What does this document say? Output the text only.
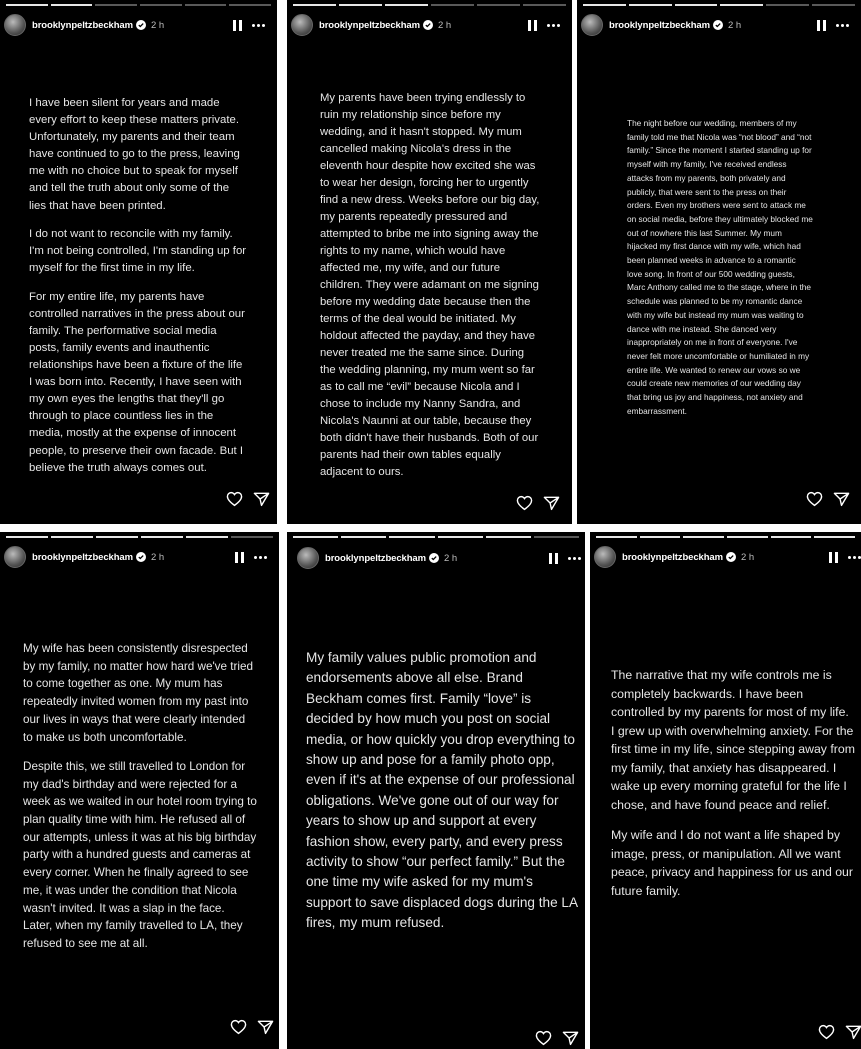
brooklynpeltzbeckham 2 h

I have been silent for years and made every effort to keep these matters private. Unfortunately, my parents and their team have continued to go to the press, leaving me with no choice but to speak for myself and tell the truth about only some of the lies that have been printed.

I do not want to reconcile with my family. I'm not being controlled, I'm standing up for myself for the first time in my life.

For my entire life, my parents have controlled narratives in the press about our family. The performative social media posts, family events and inauthentic relationships have been a fixture of the life I was born into. Recently, I have seen with my own eyes the lengths that they'll go through to place countless lies in the media, mostly at the expense of innocent people, to preserve their own facade. But I believe the truth always comes out.

brooklynpeltzbeckham 2 h

My parents have been trying endlessly to ruin my relationship since before my wedding, and it hasn't stopped. My mum cancelled making Nicola's dress in the eleventh hour despite how excited she was to wear her design, forcing her to urgently find a new dress. Weeks before our big day, my parents repeatedly pressured and attempted to bribe me into signing away the rights to my name, which would have affected me, my wife, and our future children. They were adamant on me signing before my wedding date because then the terms of the deal would be initiated. My holdout affected the payday, and they have never treated me the same since. During the wedding planning, my mum went so far as to call me “evil” because Nicola and I chose to include my Nanny Sandra, and Nicola's Naunni at our table, because they both didn't have their husbands. Both of our parents had their own tables equally adjacent to ours.

brooklynpeltzbeckham 2 h

The night before our wedding, members of my family told me that Nicola was “not blood” and “not family.” Since the moment I started standing up for myself with my family, I've received endless attacks from my parents, both privately and publicly, that were sent to the press on their orders. Even my brothers were sent to attack me on social media, before they ultimately blocked me out of nowhere this last Summer. My mum hijacked my first dance with my wife, which had been planned weeks in advance to a romantic love song. In front of our 500 wedding guests, Marc Anthony called me to the stage, where in the schedule was planned to be my romantic dance with my wife but instead my mum was waiting to dance with me instead. She danced very inappropriately on me in front of everyone. I've never felt more uncomfortable or humiliated in my entire life. We wanted to renew our vows so we could create new memories of our wedding day that bring us joy and happiness, not anxiety and embarrassment.

brooklynpeltzbeckham 2 h

My wife has been consistently disrespected by my family, no matter how hard we've tried to come together as one. My mum has repeatedly invited women from my past into our lives in ways that were clearly intended to make us both uncomfortable.

Despite this, we still travelled to London for my dad's birthday and were rejected for a week as we waited in our hotel room trying to plan quality time with him. He refused all of our attempts, unless it was at his big birthday party with a hundred guests and cameras at every corner. When he finally agreed to see me, it was under the condition that Nicola wasn't invited. It was a slap in the face. Later, when my family travelled to LA, they refused to see me at all.

brooklynpeltzbeckham 2 h

My family values public promotion and endorsements above all else. Brand Beckham comes first. Family “love” is decided by how much you post on social media, or how quickly you drop everything to show up and pose for a family photo opp, even if it's at the expense of our professional obligations. We've gone out of our way for years to show up and support at every fashion show, every party, and every press activity to show “our perfect family.” But the one time my wife asked for my mum's support to save displaced dogs during the LA fires, my mum refused.

brooklynpeltzbeckham 2 h

The narrative that my wife controls me is completely backwards. I have been controlled by my parents for most of my life. I grew up with overwhelming anxiety. For the first time in my life, since stepping away from my family, that anxiety has disappeared. I wake up every morning grateful for the life I chose, and have found peace and relief.

My wife and I do not want a life shaped by image, press, or manipulation. All we want peace, privacy and happiness for us and our future family.
